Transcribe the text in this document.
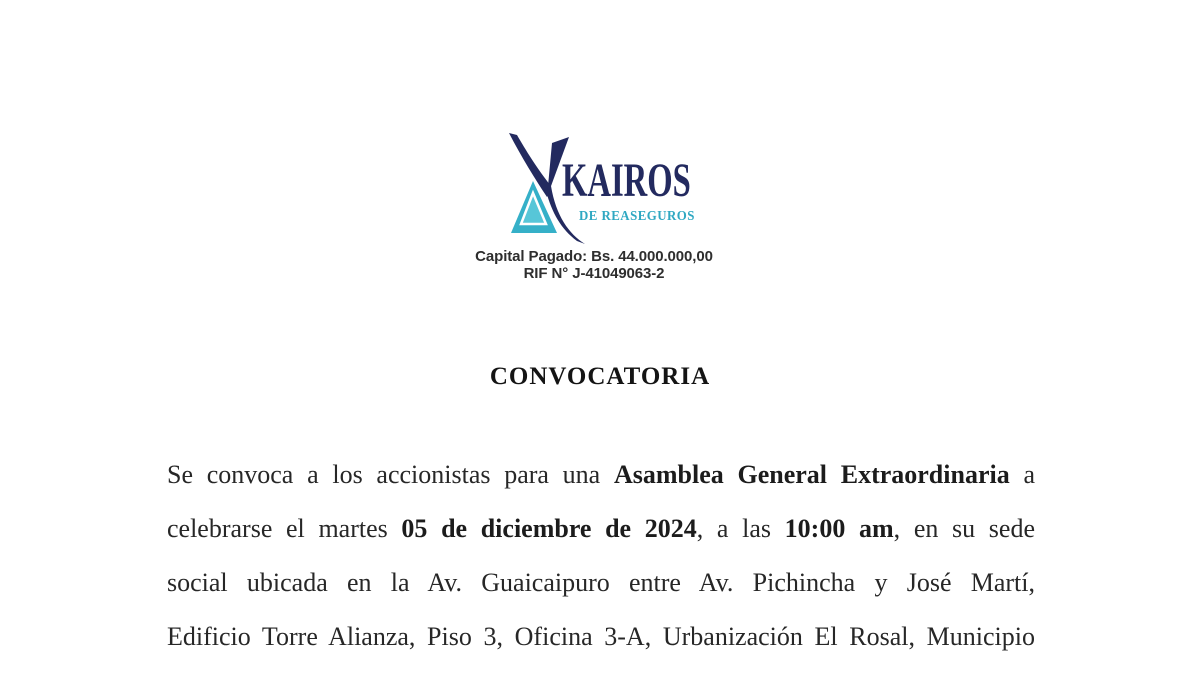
KAIROS
DE REASEGUROS
Capital Pagado: Bs. 44.000.000,00
RIF N° J-41049063-2
CONVOCATORIA
Se convoca a los accionistas para una Asamblea General Extraordinaria a
celebrarse el martes 05 de diciembre de 2024, a las 10:00 am, en su sede
social ubicada en la Av. Guaicaipuro entre Av. Pichincha y José Martí,
Edificio Torre Alianza, Piso 3, Oficina 3-A, Urbanización El Rosal, Municipio
